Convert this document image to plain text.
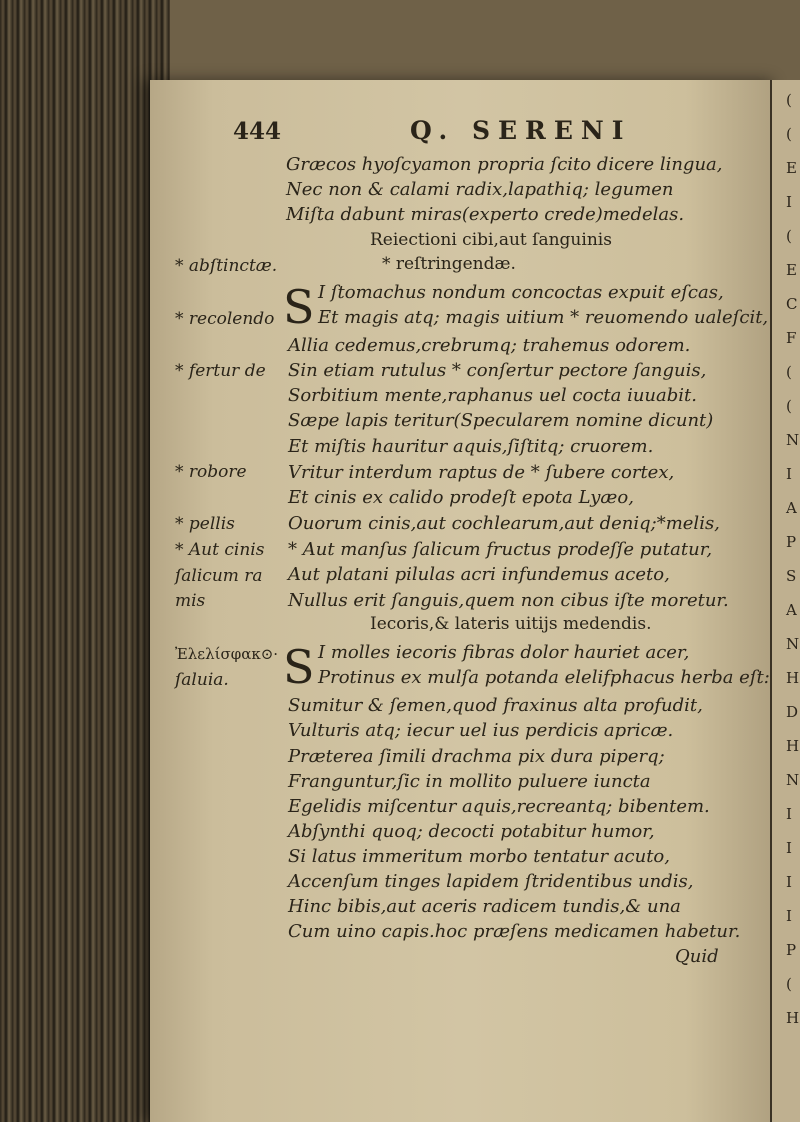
(
(
E
I
(
E
C
F
(
(
N
I
A
P
S
A
N
H
D
H
N
I
I
I
I
P
(
H
444	Q. SERENI
Græcos hyoſcyamon propria ſcito dicere lingua,
Nec non & calami radix,lapathiq; legumen
Miſta dabunt miras(experto crede)medelas.
Reiectioni cibi,aut ſanguinis
* reſtringendæ.
S I ſtomachus nondum concoctas expuit eſcas,
Et magis atq; magis uitium * reuomendo ualeſcit,
Allia cedemus,crebrumq; trahemus odorem.
Sin etiam rutulus * conſertur pectore ſanguis,
Sorbitium mente,raphanus uel cocta iuuabit.
Sæpe lapis teritur(Specularem nomine dicunt)
Et miſtis hauritur aquis,ſiſtitq; cruorem.
Vritur interdum raptus de * ſubere cortex,
Et cinis ex calido prodeſt epota Lyæo,
Ouorum cinis,aut cochlearum,aut deniq;*melis,
* Aut manſus ſalicum fructus prodeſſe putatur,
Aut platani pilulas acri infundemus aceto,
Nullus erit ſanguis,quem non cibus iſte moretur.
Iecoris,& lateris uitijs medendis.
S I molles iecoris fibras dolor hauriet acer,
Protinus ex mulſa potanda elelifphacus herba eſt:
Sumitur & ſemen,quod fraxinus alta profudit,
Vulturis atq; iecur uel ius perdicis apricæ.
Præterea ſimili drachma pix dura piperq;
Franguntur,ſic in mollito puluere iuncta
Egelidis miſcentur aquis,recreantq; bibentem.
Abſynthi quoq; decocti potabitur humor,
Si latus immeritum morbo tentatur acuto,
Accenſum tinges lapidem ſtridentibus undis,
Hinc bibis,aut aceris radicem tundis,& una
Cum uino capis.hoc præſens medicamen habetur.
Quid
* abſtinctæ.
* recolendo
* fertur de
* robore
* pellis
* Aut cinis
ſalicum ra
mis
Ἐλελίσφακ⊙·
ſaluia.
